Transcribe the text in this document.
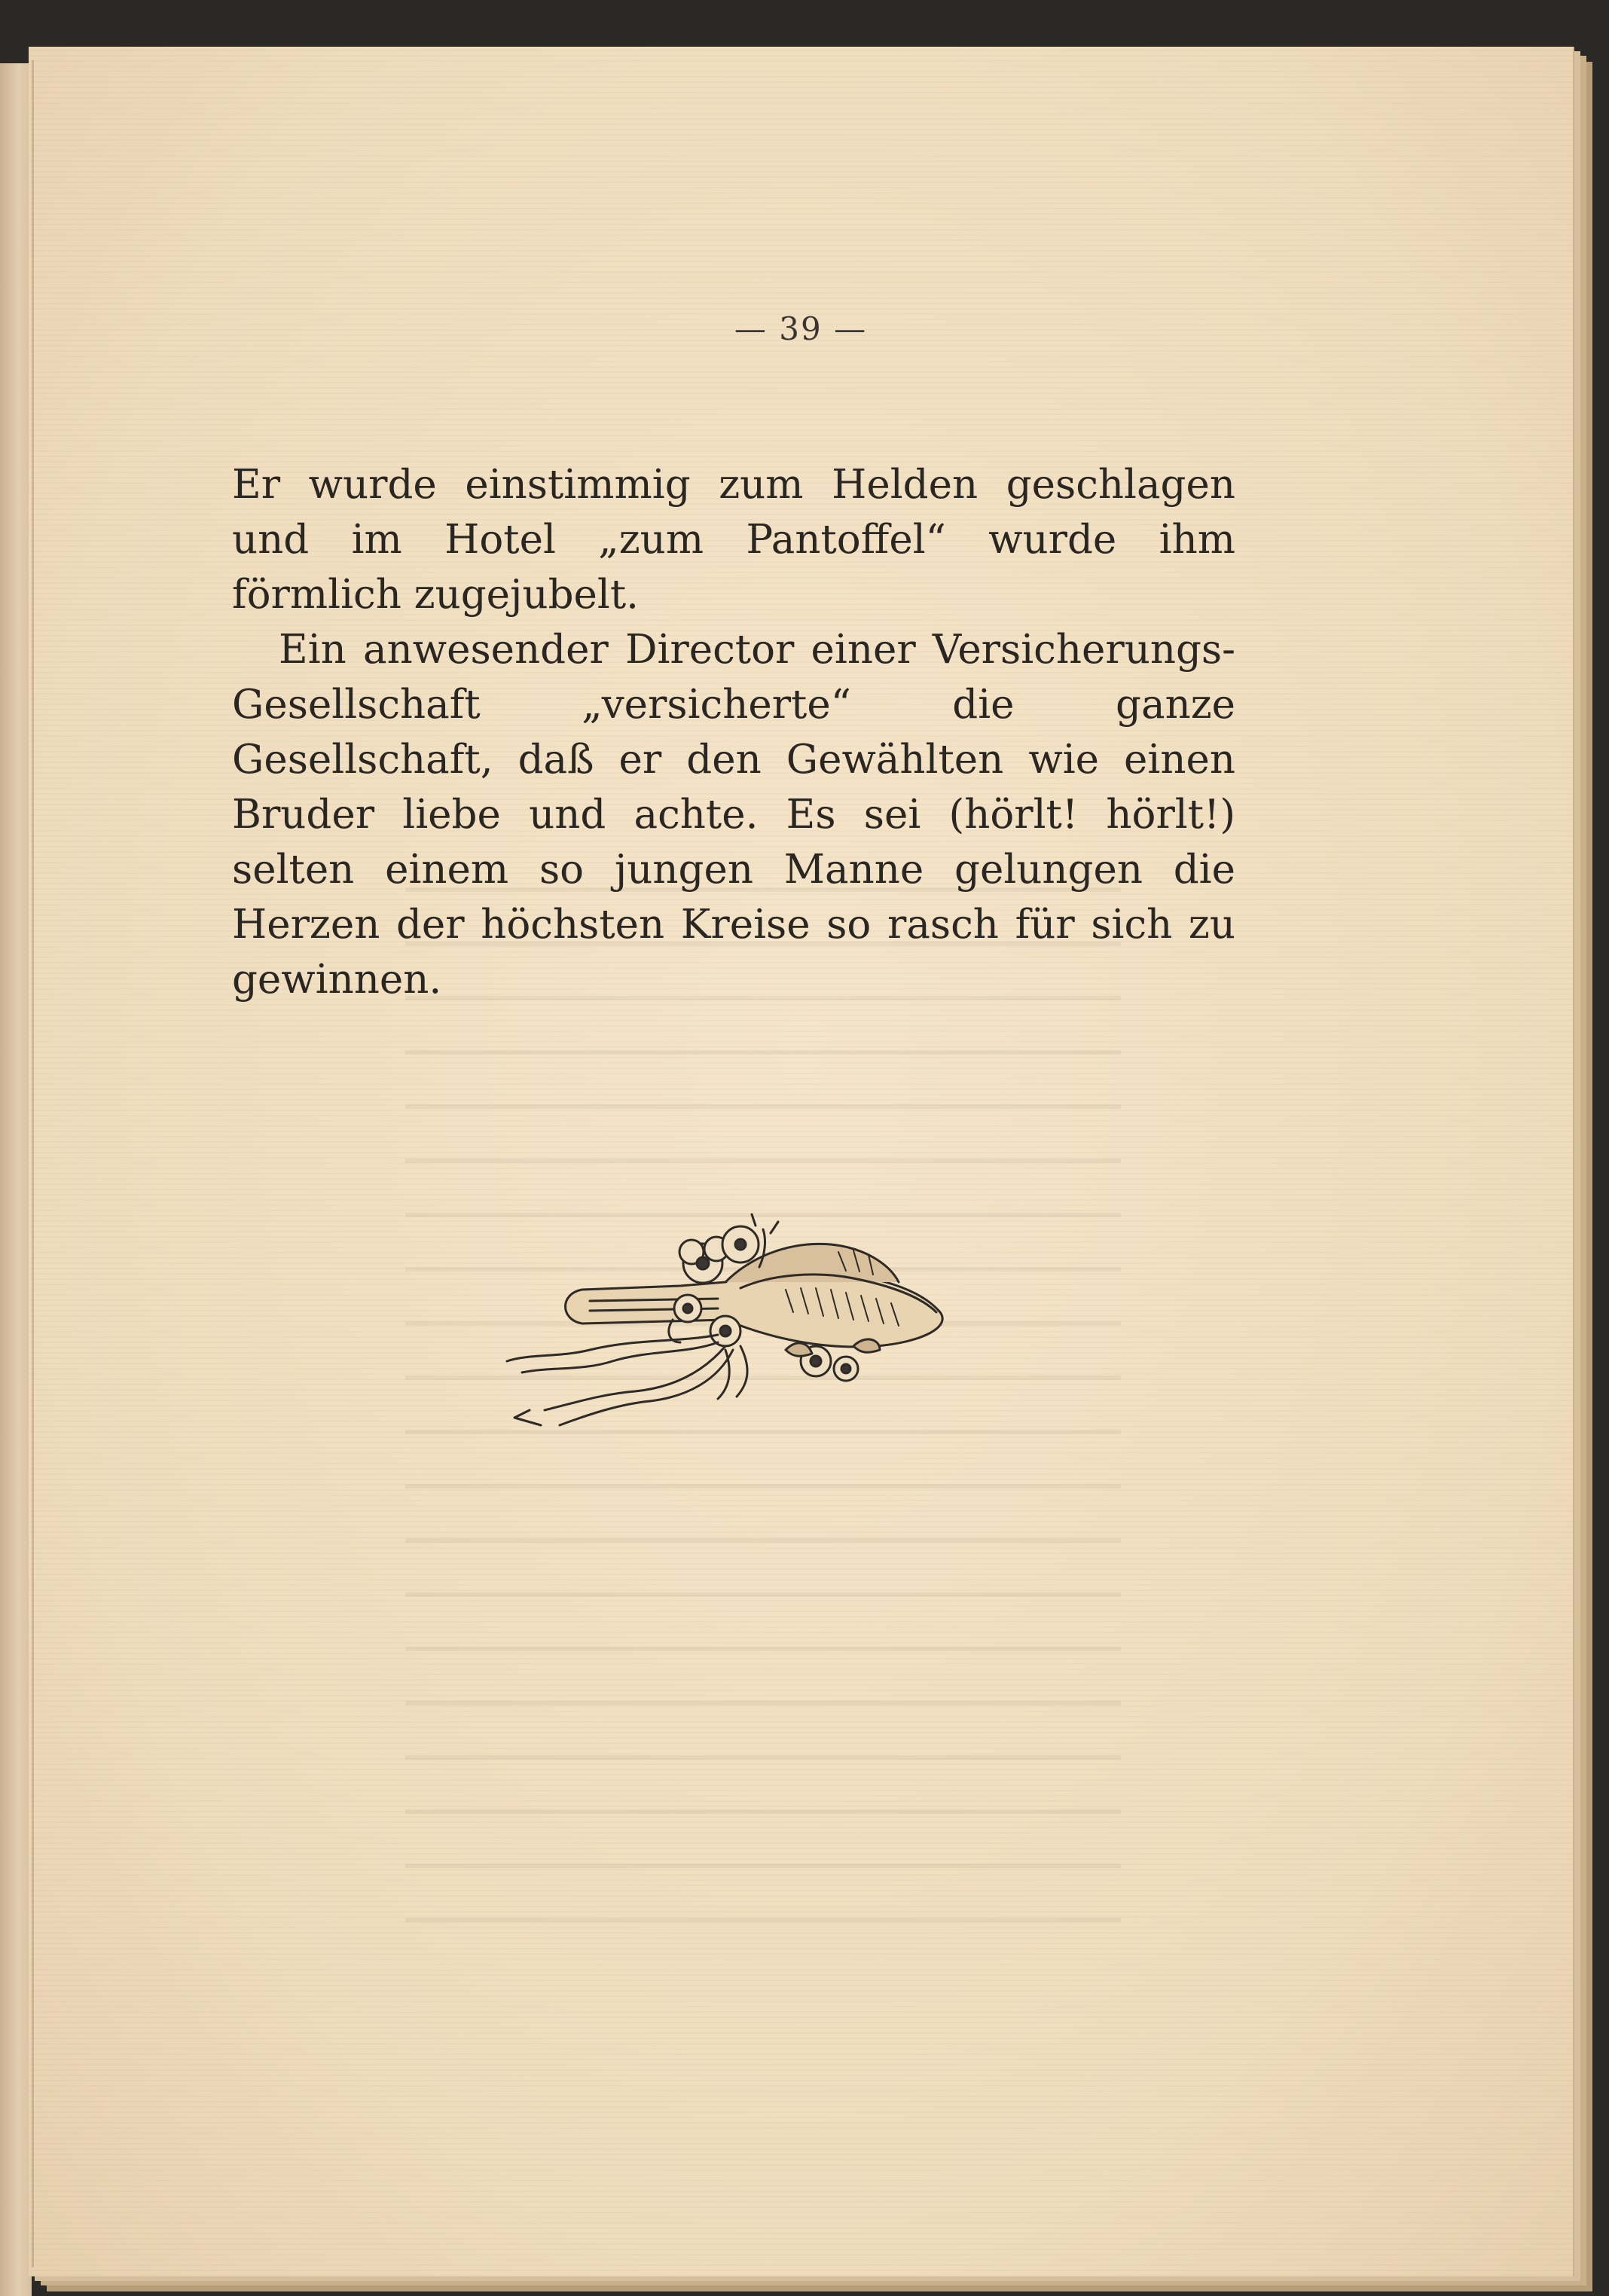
— 39 —

Er wurde einstimmig zum Helden geschlagen und im Hotel „zum Pantoffel“ wurde ihm förmlich zugejubelt.

Ein anwesender Director einer Versicherungs-Gesellschaft „versicherte“ die ganze Gesellschaft, daß er den Gewählten wie einen Bruder liebe und achte. Es sei (hörlt! hörlt!) selten einem so jungen Manne gelungen die Herzen der höchsten Kreise so rasch für sich zu gewinnen.
